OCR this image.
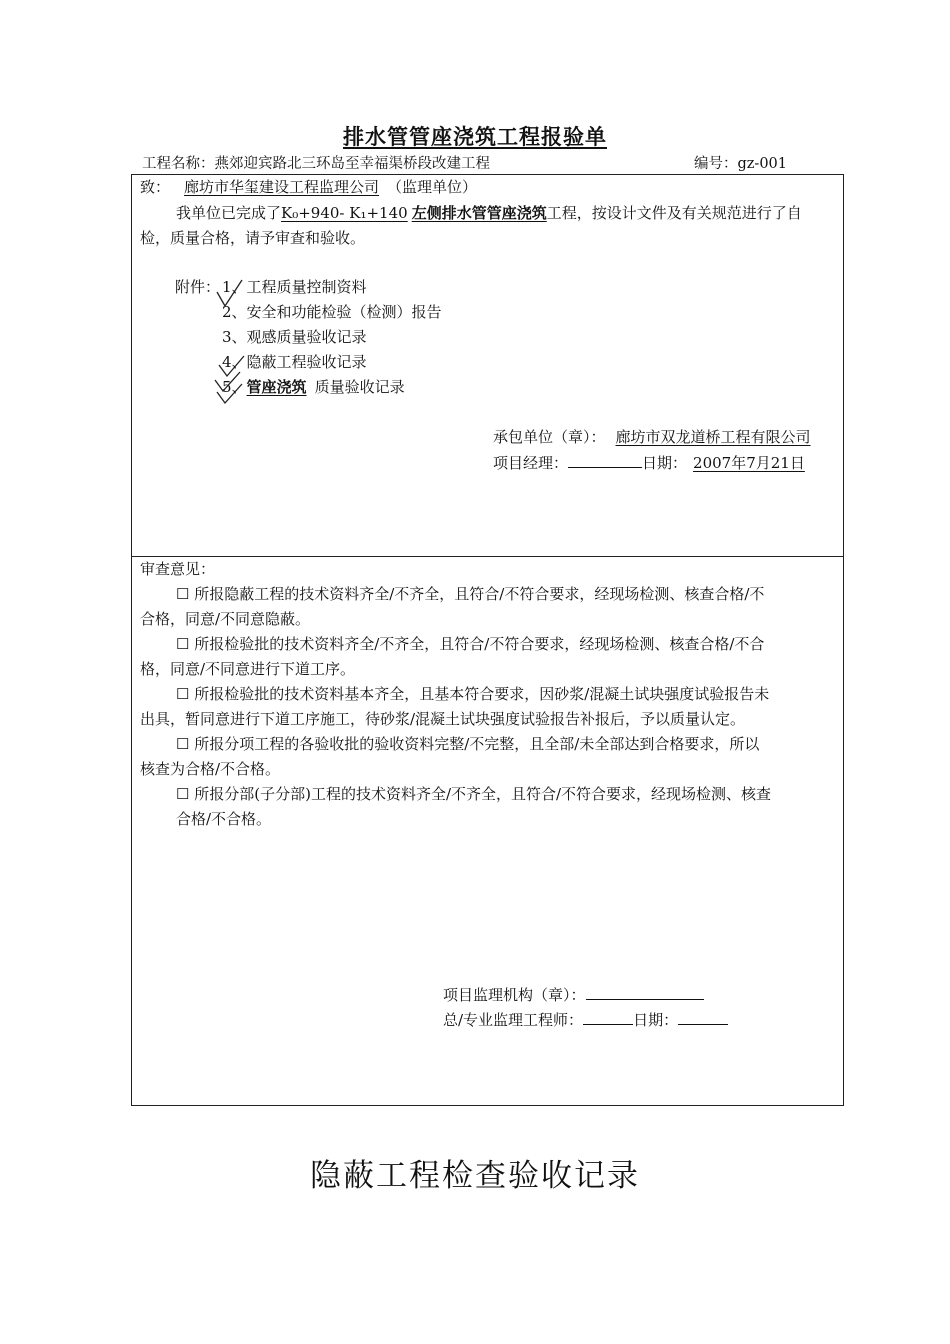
排水管管座浇筑工程报验单
工程名称：燕郊迎宾路北三环岛至幸福渠桥段改建工程	编号：gz-001
致： 廊坊市华玺建设工程监理公司 （监理单位）
我单位已完成了K₀+940- K₁+140 左侧排水管管座浇筑工程，按设计文件及有关规范进行了自
检，质量合格，请予审查和验收。
附件： 1、工程质量控制资料
2、安全和功能检验（检测）报告
3、观感质量验收记录
4、隐蔽工程验收记录
5、管座浇筑 质量验收记录
承包单位（章）： 廊坊市双龙道桥工程有限公司
项目经理：	日期： 2007年7月21日
审查意见：
☐ 所报隐蔽工程的技术资料齐全/不齐全，且符合/不符合要求，经现场检测、核查合格/不
合格，同意/不同意隐蔽。
☐ 所报检验批的技术资料齐全/不齐全，且符合/不符合要求，经现场检测、核查合格/不合
格，同意/不同意进行下道工序。
☐ 所报检验批的技术资料基本齐全，且基本符合要求，因砂浆/混凝土试块强度试验报告未
出具，暂同意进行下道工序施工，待砂浆/混凝土试块强度试验报告补报后，予以质量认定。
☐ 所报分项工程的各验收批的验收资料完整/不完整，且全部/未全部达到合格要求，所以
核查为合格/不合格。
☐ 所报分部(子分部)工程的技术资料齐全/不齐全，且符合/不符合要求，经现场检测、核查
合格/不合格。
项目监理机构（章）：
总/专业监理工程师：	日期：
隐蔽工程检查验收记录
